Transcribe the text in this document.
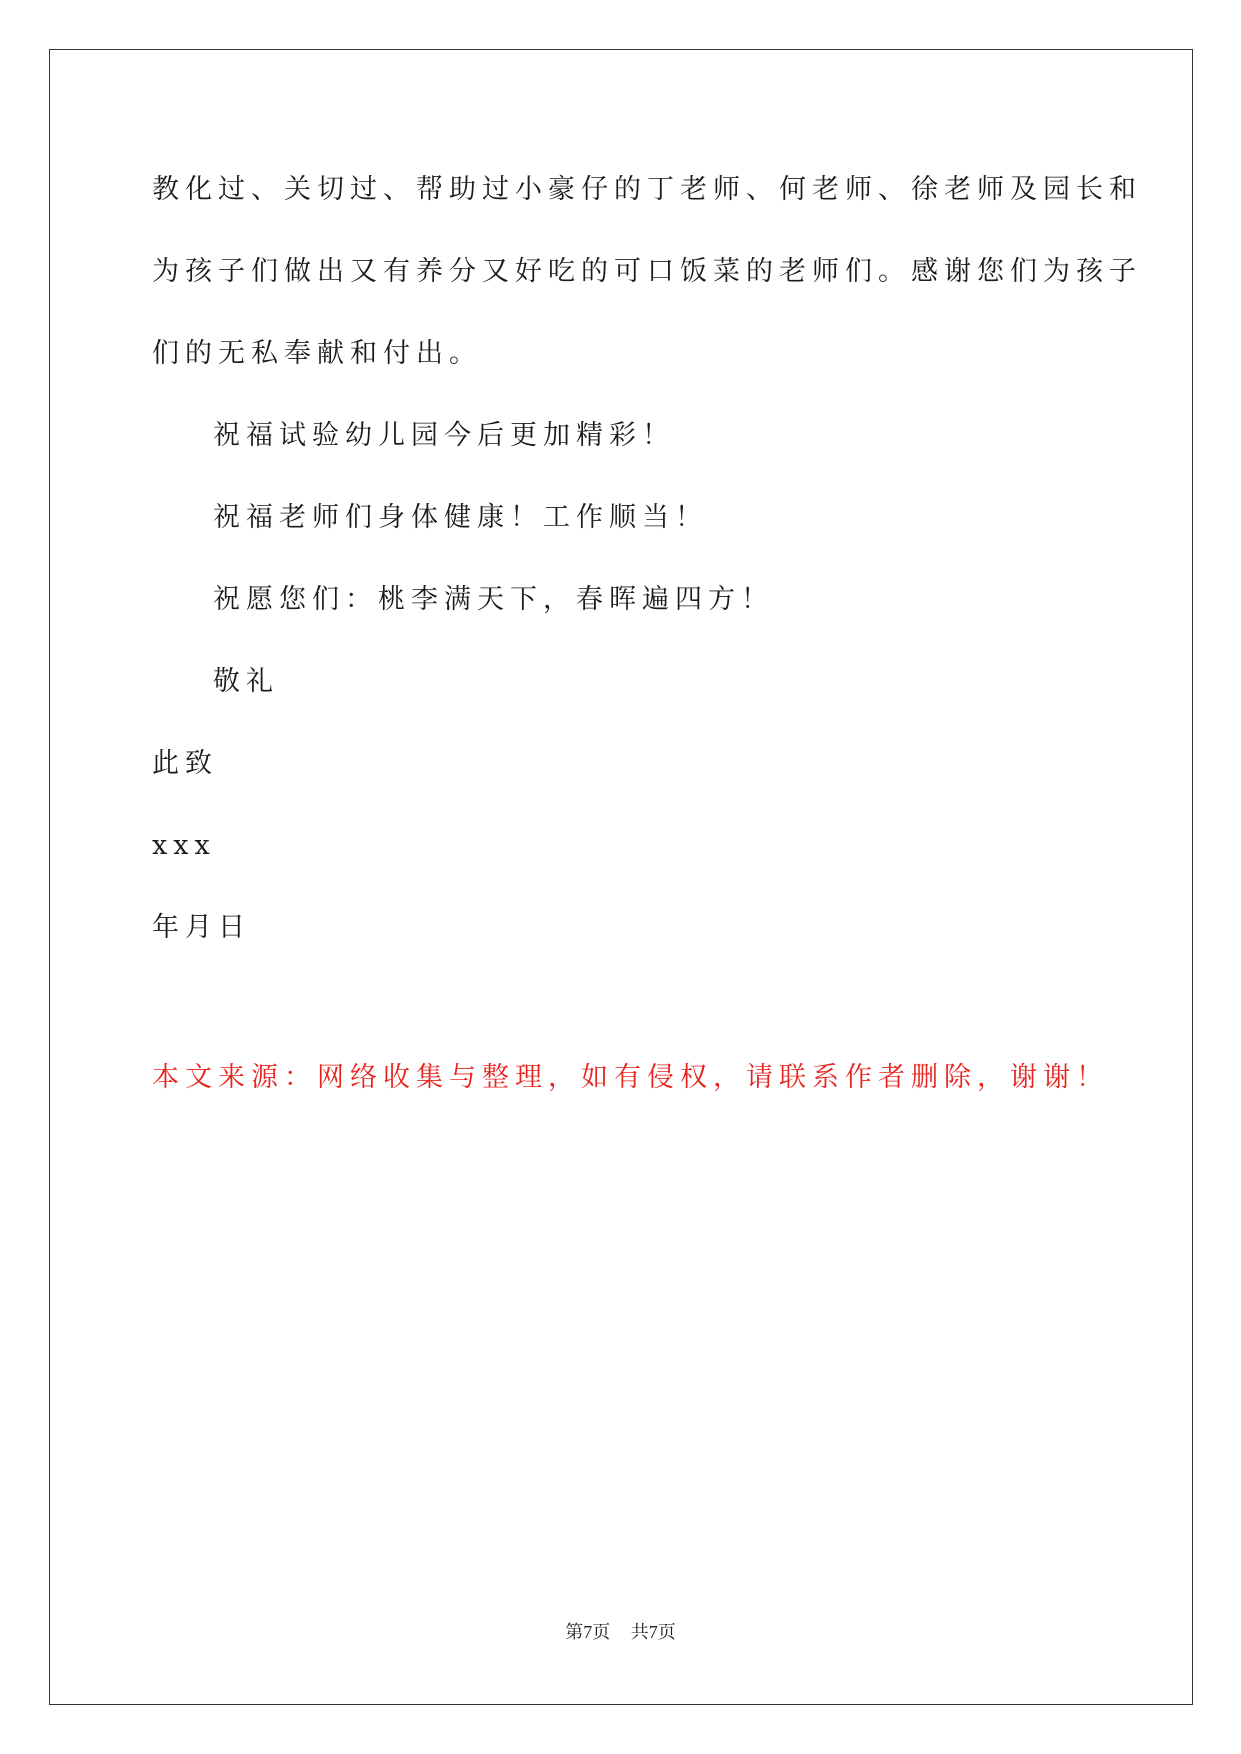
教化过、关切过、帮助过小豪仔的丁老师、何老师、徐老师及园长和
为孩子们做出又有养分又好吃的可口饭菜的老师们。感谢您们为孩子
们的无私奉献和付出。
祝福试验幼儿园今后更加精彩！
祝福老师们身体健康！工作顺当！
祝愿您们：桃李满天下，春晖遍四方！
敬礼
此致
xxx
年月日
本文来源：网络收集与整理，如有侵权，请联系作者删除，谢谢！
第7页 共7页
